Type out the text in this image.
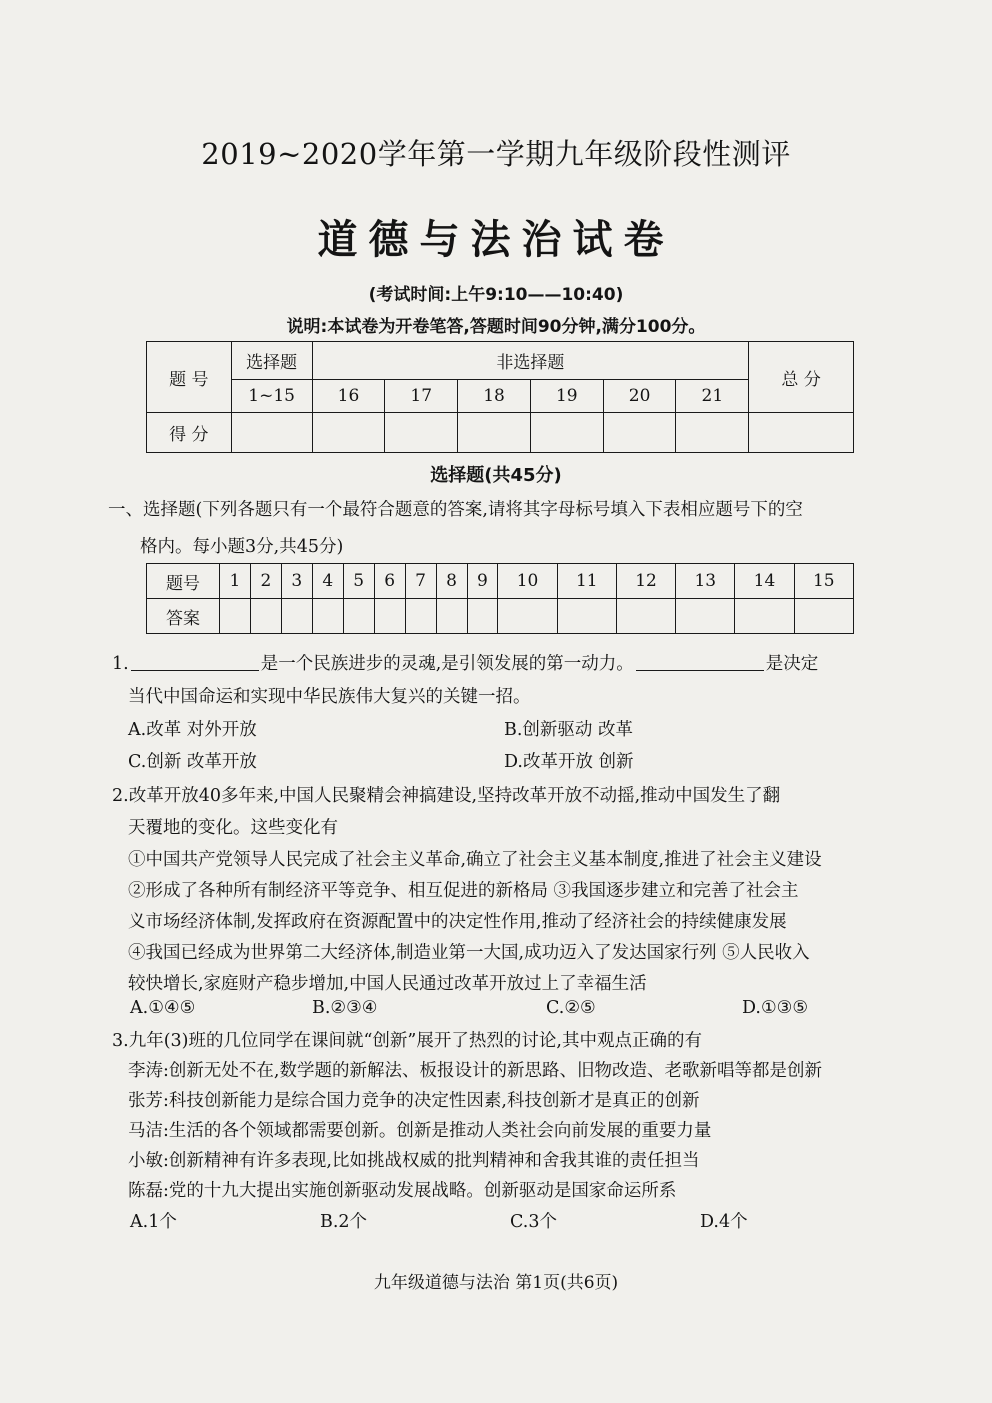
2019~2020学年第一学期九年级阶段性测评
道德与法治试卷
(考试时间:上午9:10——10:40)
说明:本试卷为开卷笔答,答题时间90分钟,满分100分。
题 号	选择题	非选择题						总 分
	1~15	16	17	18	19	20	21	
得 分								
选择题(共45分)
一、选择题(下列各题只有一个最符合题意的答案,请将其字母标号填入下表相应题号下的空
格内。每小题3分,共45分)
题号	1	2	3	4	5	6	7	8	9	10	11	12	13	14	15
答案															
1.	是一个民族进步的灵魂,是引领发展的第一动力。	是决定
当代中国命运和实现中华民族伟大复兴的关键一招。
A.改革 对外开放	B.创新驱动 改革
C.创新 改革开放	D.改革开放 创新
2.改革开放40多年来,中国人民聚精会神搞建设,坚持改革开放不动摇,推动中国发生了翻
天覆地的变化。这些变化有
①中国共产党领导人民完成了社会主义革命,确立了社会主义基本制度,推进了社会主义建设
②形成了各种所有制经济平等竞争、相互促进的新格局 ③我国逐步建立和完善了社会主
义市场经济体制,发挥政府在资源配置中的决定性作用,推动了经济社会的持续健康发展
④我国已经成为世界第二大经济体,制造业第一大国,成功迈入了发达国家行列 ⑤人民收入
较快增长,家庭财产稳步增加,中国人民通过改革开放过上了幸福生活
A.①④⑤	B.②③④	C.②⑤	D.①③⑤
3.九年(3)班的几位同学在课间就“创新”展开了热烈的讨论,其中观点正确的有
李涛:创新无处不在,数学题的新解法、板报设计的新思路、旧物改造、老歌新唱等都是创新
张芳:科技创新能力是综合国力竞争的决定性因素,科技创新才是真正的创新
马洁:生活的各个领域都需要创新。创新是推动人类社会向前发展的重要力量
小敏:创新精神有许多表现,比如挑战权威的批判精神和舍我其谁的责任担当
陈磊:党的十九大提出实施创新驱动发展战略。创新驱动是国家命运所系
A.1个	B.2个	C.3个	D.4个
九年级道德与法治 第1页(共6页)
